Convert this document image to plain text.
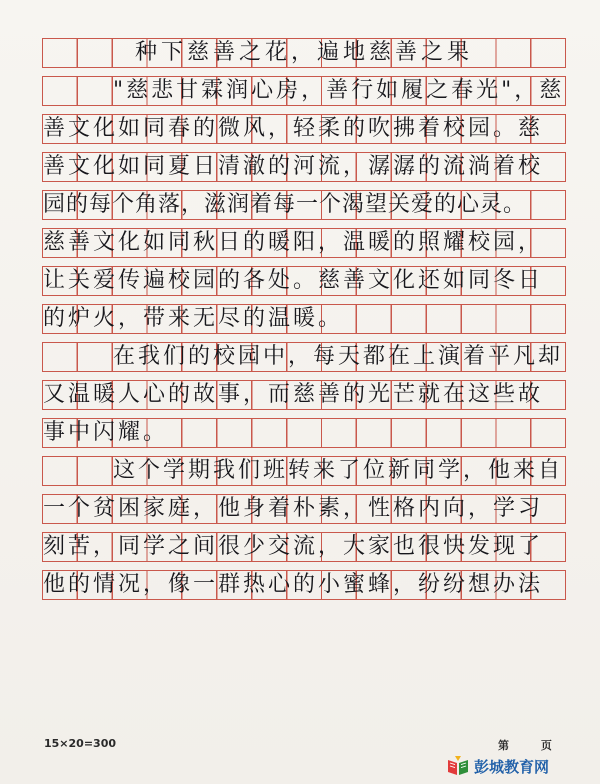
种下慈善之花，遍地慈善之果
"慈悲甘霖润心房，善行如履之春光"，慈
善文化如同春的微风，轻柔的吹拂着校园。慈
善文化如同夏日清澈的河流，潺潺的流淌着校
园的每个角落，滋润着每一个渴望关爱的心灵。
慈善文化如同秋日的暖阳，温暖的照耀校园，
让关爱传遍校园的各处。慈善文化还如同冬日
的炉火，带来无尽的温暖。
在我们的校园中，每天都在上演着平凡却
又温暖人心的故事，而慈善的光芒就在这些故
事中闪耀。
这个学期我们班转来了位新同学，他来自
一个贫困家庭，他身着朴素，性格内向，学习
刻苦，同学之间很少交流，大家也很快发现了
他的情况，像一群热心的小蜜蜂，纷纷想办法
15×20=300	第 页
彭城教育网
